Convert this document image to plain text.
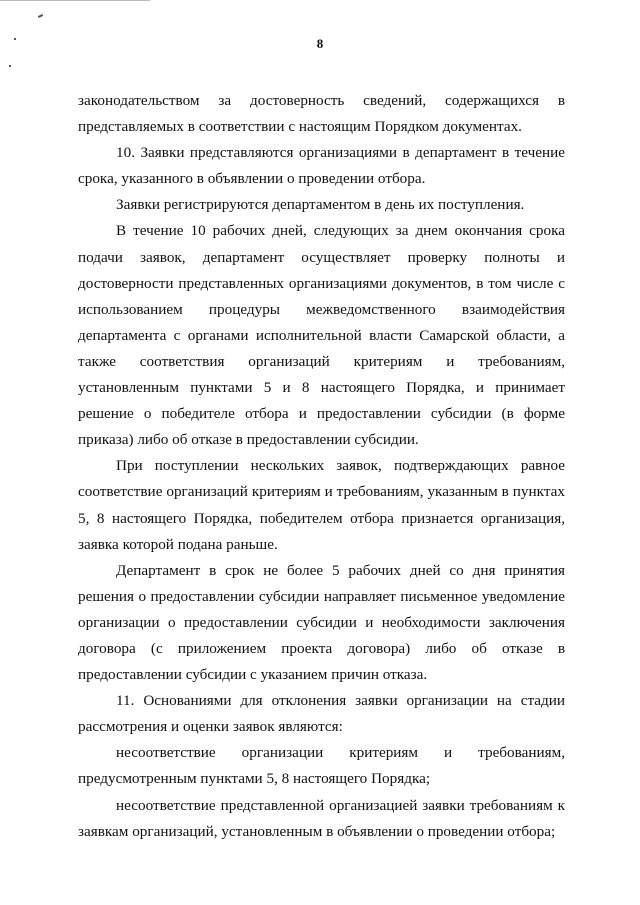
8

законодательством за достоверность сведений, содержащихся в

представляемых в соответствии с настоящим Порядком документах.

10. Заявки представляются организациями в департамент в течение срока, указанного в объявлении о проведении отбора.

Заявки регистрируются департаментом в день их поступления.

В течение 10 рабочих дней, следующих за днем окончания срока подачи заявок, департамент осуществляет проверку полноты и достоверности представленных организациями документов, в том числе с использованием процедуры межведомственного взаимодействия департамента с органами исполнительной власти Самарской области, а также соответствия организаций критериям и требованиям, установленным пунктами 5 и 8 настоящего Порядка, и принимает решение о победителе отбора и предоставлении субсидии (в форме приказа) либо об отказе в предоставлении субсидии.

При поступлении нескольких заявок, подтверждающих равное соответствие организаций критериям и требованиям, указанным в пунктах 5, 8 настоящего Порядка, победителем отбора признается организация, заявка которой подана раньше.

Департамент в срок не более 5 рабочих дней со дня принятия решения о предоставлении субсидии направляет письменное уведомление организации о предоставлении субсидии и необходимости заключения договора (с приложением проекта договора) либо об отказе в предоставлении субсидии с указанием причин отказа.

11. Основаниями для отклонения заявки организации на стадии рассмотрения и оценки заявок являются:

несоответствие организации критериям и требованиям, предусмотренным пунктами 5, 8 настоящего Порядка;

несоответствие представленной организацией заявки требованиям к заявкам организаций, установленным в объявлении о проведении отбора;
